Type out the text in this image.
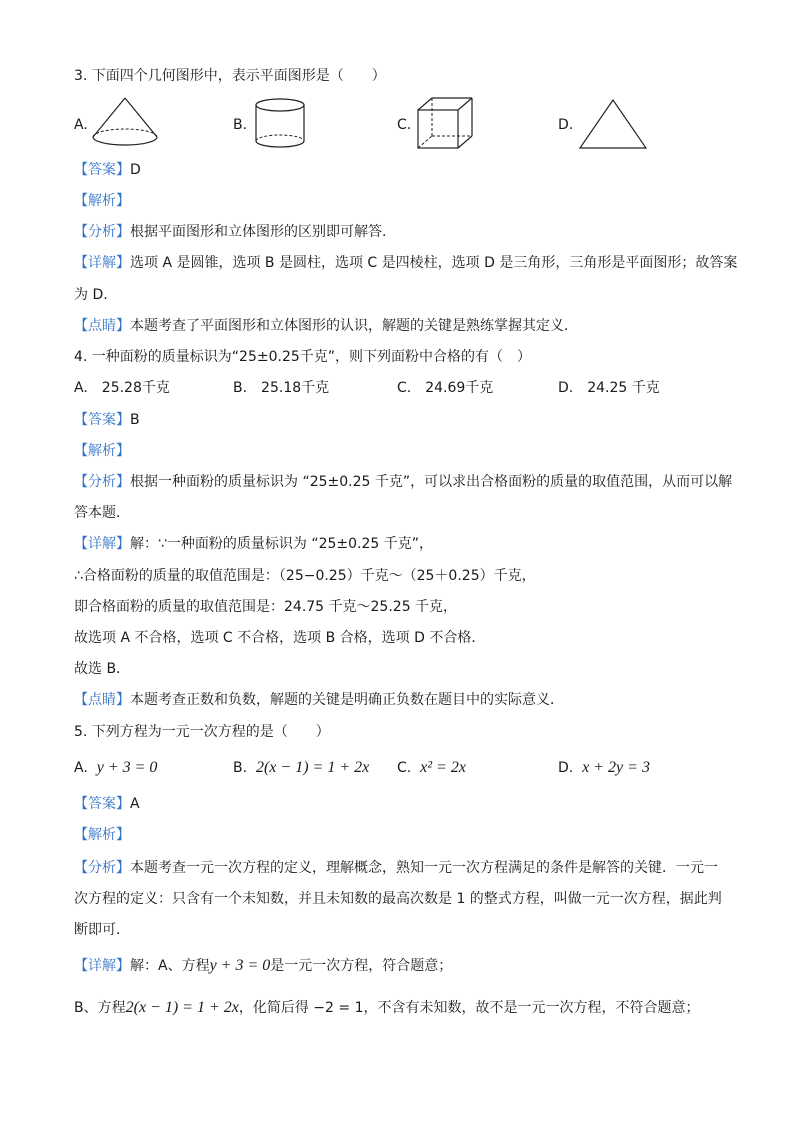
3. 下面四个几何图形中，表示平面图形是（　　）
A.	B.	C.	D.
【答案】D
【解析】
【分析】根据平面图形和立体图形的区别即可解答.
【详解】选项 A 是圆锥，选项 B 是圆柱，选项 C 是四棱柱，选项 D 是三角形，三角形是平面图形；故答案
为 D.
【点睛】本题考查了平面图形和立体图形的认识，解题的关键是熟练掌握其定义.
4. 一种面粉的质量标识为“25±0.25千克”，则下列面粉中合格的有（　）
A.　25.28千克	B.　25.18千克	C.　24.69千克	D.　24.25 千克
【答案】B
【解析】
【分析】根据一种面粉的质量标识为 “25±0.25 千克”，可以求出合格面粉的质量的取值范围，从而可以解
答本题．
【详解】解：∵一种面粉的质量标识为 “25±0.25 千克”，
∴合格面粉的质量的取值范围是：（25−0.25）千克～（25＋0.25）千克，
即合格面粉的质量的取值范围是：24.75 千克～25.25 千克，
故选项 A 不合格，选项 C 不合格，选项 B 合格，选项 D 不合格．
故选 B．
【点睛】本题考查正数和负数，解题的关键是明确正负数在题目中的实际意义．
5. 下列方程为一元一次方程的是（　　）
A. y + 3 = 0	B. 2(x − 1) = 1 + 2x C. x² = 2x	D. x + 2y = 3
【答案】A
【解析】
【分析】本题考查一元一次方程的定义，理解概念，熟知一元一次方程满足的条件是解答的关键．一元一
次方程的定义：只含有一个未知数，并且未知数的最高次数是 1 的整式方程，叫做一元一次方程，据此判
断即可．
【详解】解：A、方程y + 3 = 0是一元一次方程，符合题意；
B、方程2(x − 1) = 1 + 2x，化简后得 −2 = 1，不含有未知数，故不是一元一次方程，不符合题意；
